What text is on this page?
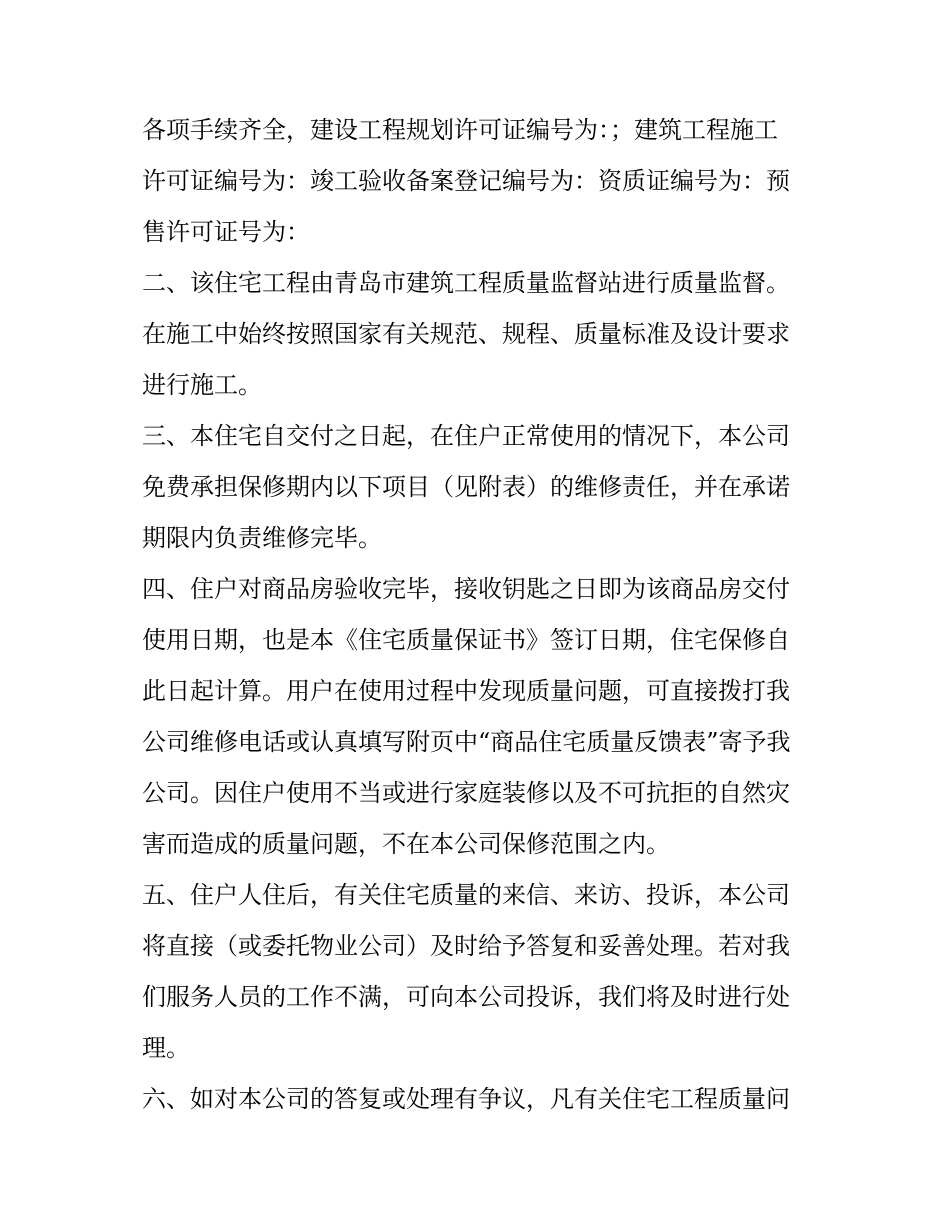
各项手续齐全，建设工程规划许可证编号为：；建筑工程施工
许可证编号为：竣工验收备案登记编号为：资质证编号为：预
售许可证号为：
二、该住宅工程由青岛市建筑工程质量监督站进行质量监督。
在施工中始终按照国家有关规范、规程、质量标准及设计要求
进行施工。
三、本住宅自交付之日起，在住户正常使用的情况下，本公司
免费承担保修期内以下项目（见附表）的维修责任，并在承诺
期限内负责维修完毕。
四、住户对商品房验收完毕，接收钥匙之日即为该商品房交付
使用日期，也是本《住宅质量保证书》签订日期，住宅保修自
此日起计算。用户在使用过程中发现质量问题，可直接拨打我
公司维修电话或认真填写附页中“商品住宅质量反馈表”寄予我
公司。因住户使用不当或进行家庭装修以及不可抗拒的自然灾
害而造成的质量问题，不在本公司保修范围之内。
五、住户人住后，有关住宅质量的来信、来访、投诉，本公司
将直接（或委托物业公司）及时给予答复和妥善处理。若对我
们服务人员的工作不满，可向本公司投诉，我们将及时进行处
理。
六、如对本公司的答复或处理有争议，凡有关住宅工程质量问
